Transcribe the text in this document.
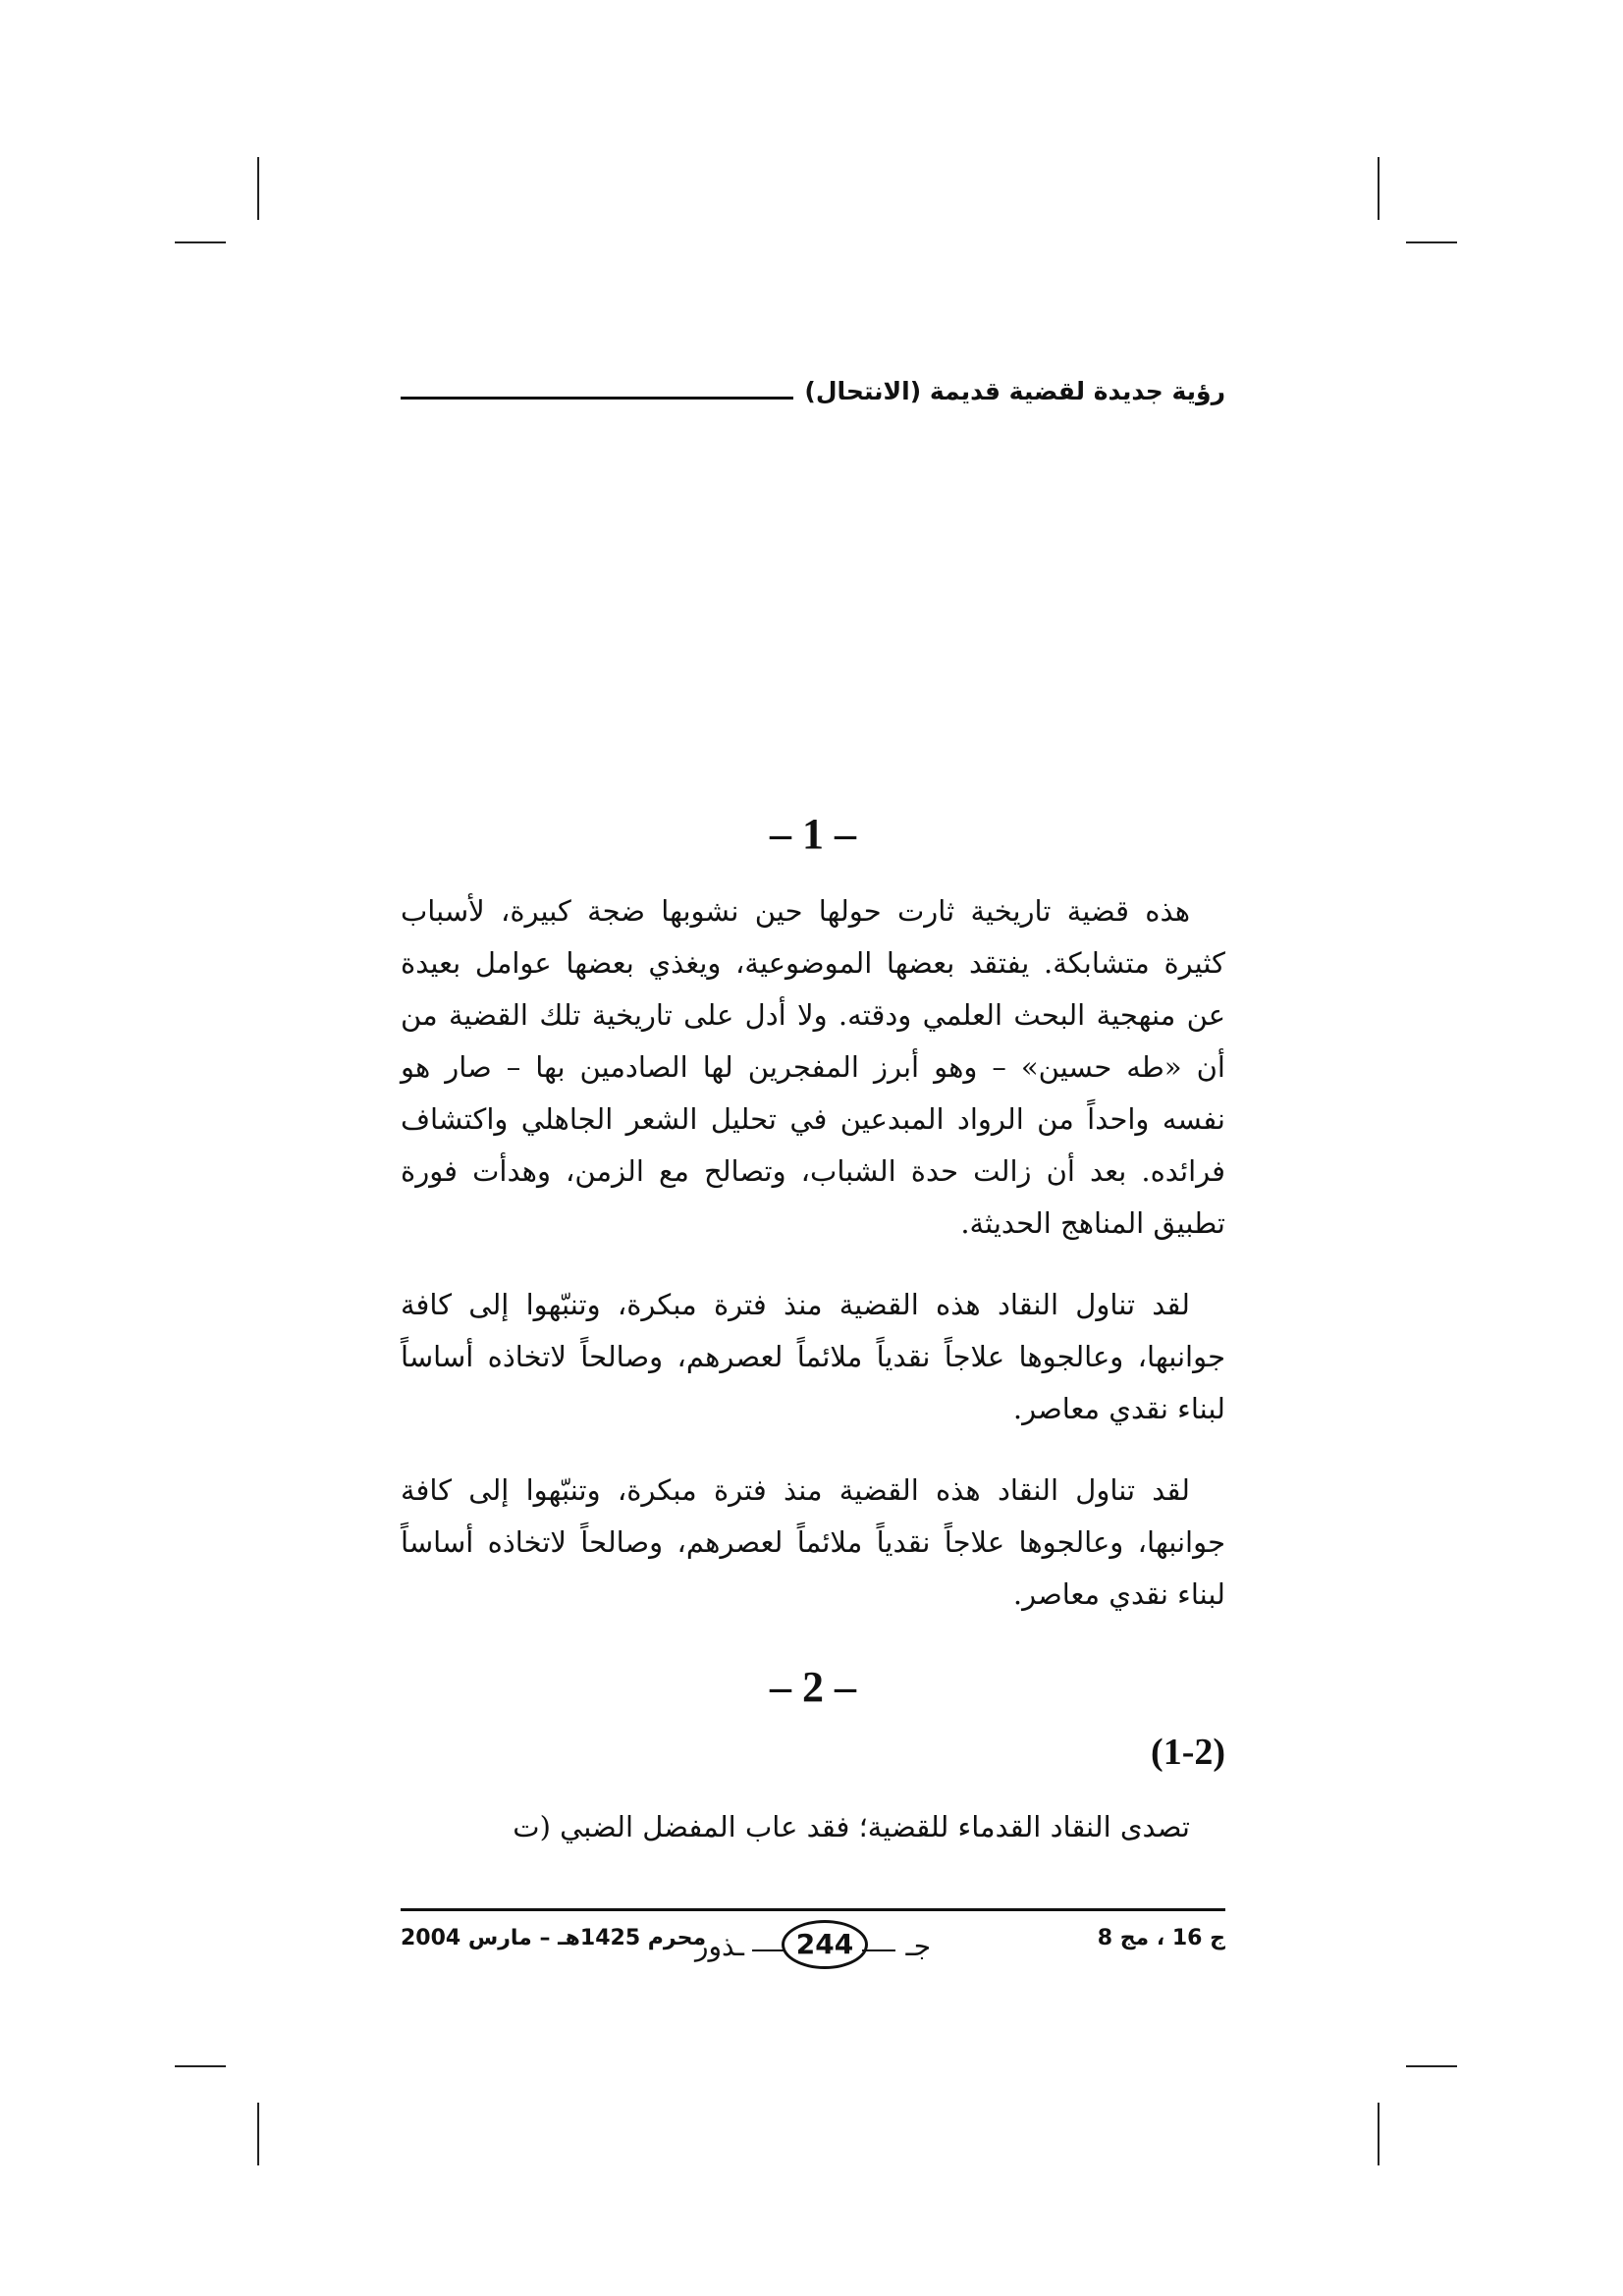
رؤية جديدة لقضية قديمة (الانتحال)
– 1 –

هذه قضية تاريخية ثارت حولها حين نشوبها ضجة كبيرة، لأسباب كثيرة متشابكة. يفتقد بعضها الموضوعية، ويغذي بعضها عوامل بعيدة عن منهجية البحث العلمي ودقته. ولا أدل على تاريخية تلك القضية من أن «طه حسين» – وهو أبرز المفجرين لها الصادمين بها – صار هو نفسه واحداً من الرواد المبدعين في تحليل الشعر الجاهلي واكتشاف فرائده. بعد أن زالت حدة الشباب، وتصالح مع الزمن، وهدأت فورة تطبيق المناهج الحديثة.

لقد تناول النقاد هذه القضية منذ فترة مبكرة، وتنبّهوا إلى كافة جوانبها، وعالجوها علاجاً نقدياً ملائماً لعصرهم، وصالحاً لاتخاذه أساساً لبناء نقدي معاصر.

لقد تناول النقاد هذه القضية منذ فترة مبكرة، وتنبّهوا إلى كافة جوانبها، وعالجوها علاجاً نقدياً ملائماً لعصرهم، وصالحاً لاتخاذه أساساً لبناء نقدي معاصر.

– 2 –
(1-2)

تصدى النقاد القدماء للقضية؛ فقد عاب المفضل الضبي (ت

ج 16 ، مج 8
جـ
244
ـذور
محرم 1425هـ – مارس 2004
